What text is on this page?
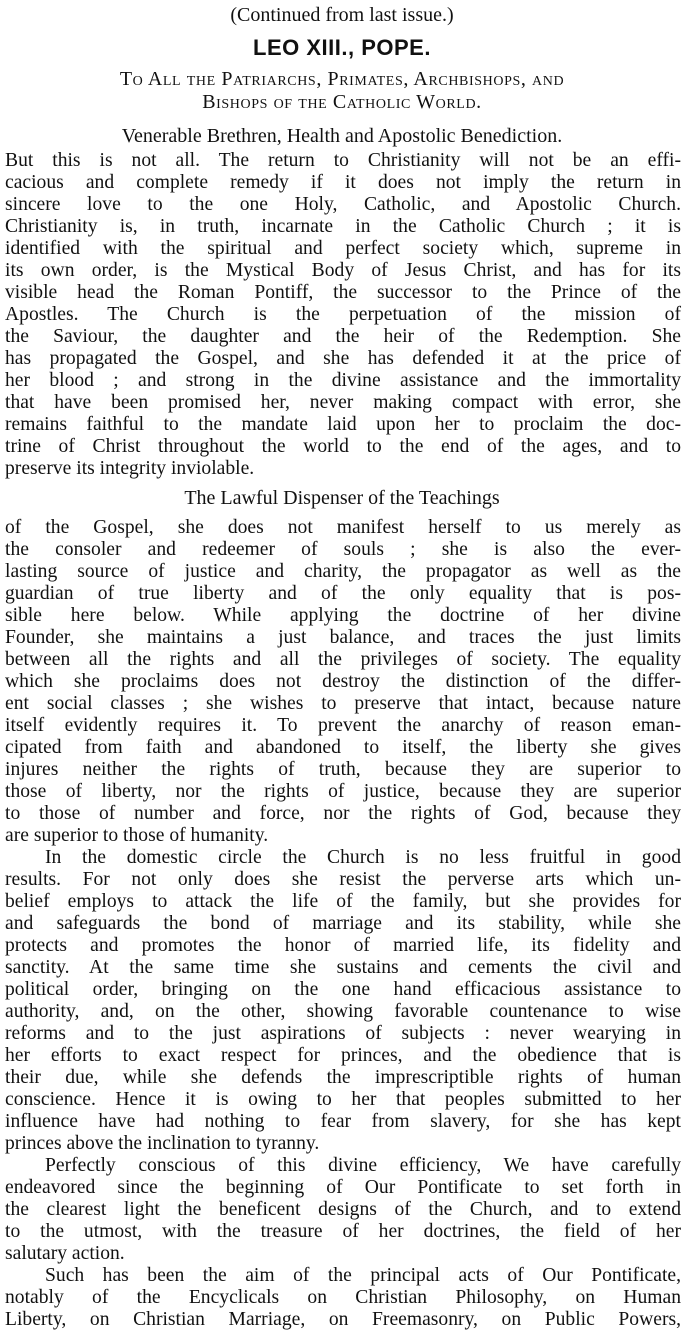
(Continued from last issue.)
LEO XIII., POPE.
To All the Patriarchs, Primates, Archbishops, and
Bishops of the Catholic World.
Venerable Brethren, Health and Apostolic Benediction.
But this is not all. The return to Christianity will not be an effi-
cacious and complete remedy if it does not imply the return in
sincere love to the one Holy, Catholic, and Apostolic Church.
Christianity is, in truth, incarnate in the Catholic Church ; it is
identified with the spiritual and perfect society which, supreme in
its own order, is the Mystical Body of Jesus Christ, and has for its
visible head the Roman Pontiff, the successor to the Prince of the
Apostles. The Church is the perpetuation of the mission of
the Saviour, the daughter and the heir of the Redemption. She
has propagated the Gospel, and she has defended it at the price of
her blood ; and strong in the divine assistance and the immortality
that have been promised her, never making compact with error, she
remains faithful to the mandate laid upon her to proclaim the doc-
trine of Christ throughout the world to the end of the ages, and to
preserve its integrity inviolable.
The Lawful Dispenser of the Teachings
of the Gospel, she does not manifest herself to us merely as
the consoler and redeemer of souls ; she is also the ever-
lasting source of justice and charity, the propagator as well as the
guardian of true liberty and of the only equality that is pos-
sible here below. While applying the doctrine of her divine
Founder, she maintains a just balance, and traces the just limits
between all the rights and all the privileges of society. The equality
which she proclaims does not destroy the distinction of the differ-
ent social classes ; she wishes to preserve that intact, because nature
itself evidently requires it. To prevent the anarchy of reason eman-
cipated from faith and abandoned to itself, the liberty she gives
injures neither the rights of truth, because they are superior to
those of liberty, nor the rights of justice, because they are superior
to those of number and force, nor the rights of God, because they
are superior to those of humanity.
In the domestic circle the Church is no less fruitful in good
results. For not only does she resist the perverse arts which un-
belief employs to attack the life of the family, but she provides for
and safeguards the bond of marriage and its stability, while she
protects and promotes the honor of married life, its fidelity and
sanctity. At the same time she sustains and cements the civil and
political order, bringing on the one hand efficacious assistance to
authority, and, on the other, showing favorable countenance to wise
reforms and to the just aspirations of subjects : never wearying in
her efforts to exact respect for princes, and the obedience that is
their due, while she defends the imprescriptible rights of human
conscience. Hence it is owing to her that peoples submitted to her
influence have had nothing to fear from slavery, for she has kept
princes above the inclination to tyranny.
Perfectly conscious of this divine efficiency, We have carefully
endeavored since the beginning of Our Pontificate to set forth in
the clearest light the beneficent designs of the Church, and to extend
to the utmost, with the treasure of her doctrines, the field of her
salutary action.
Such has been the aim of the principal acts of Our Pontificate,
notably of the Encyclicals on Christian Philosophy, on Human
Liberty, on Christian Marriage, on Freemasonry, on Public Powers,
